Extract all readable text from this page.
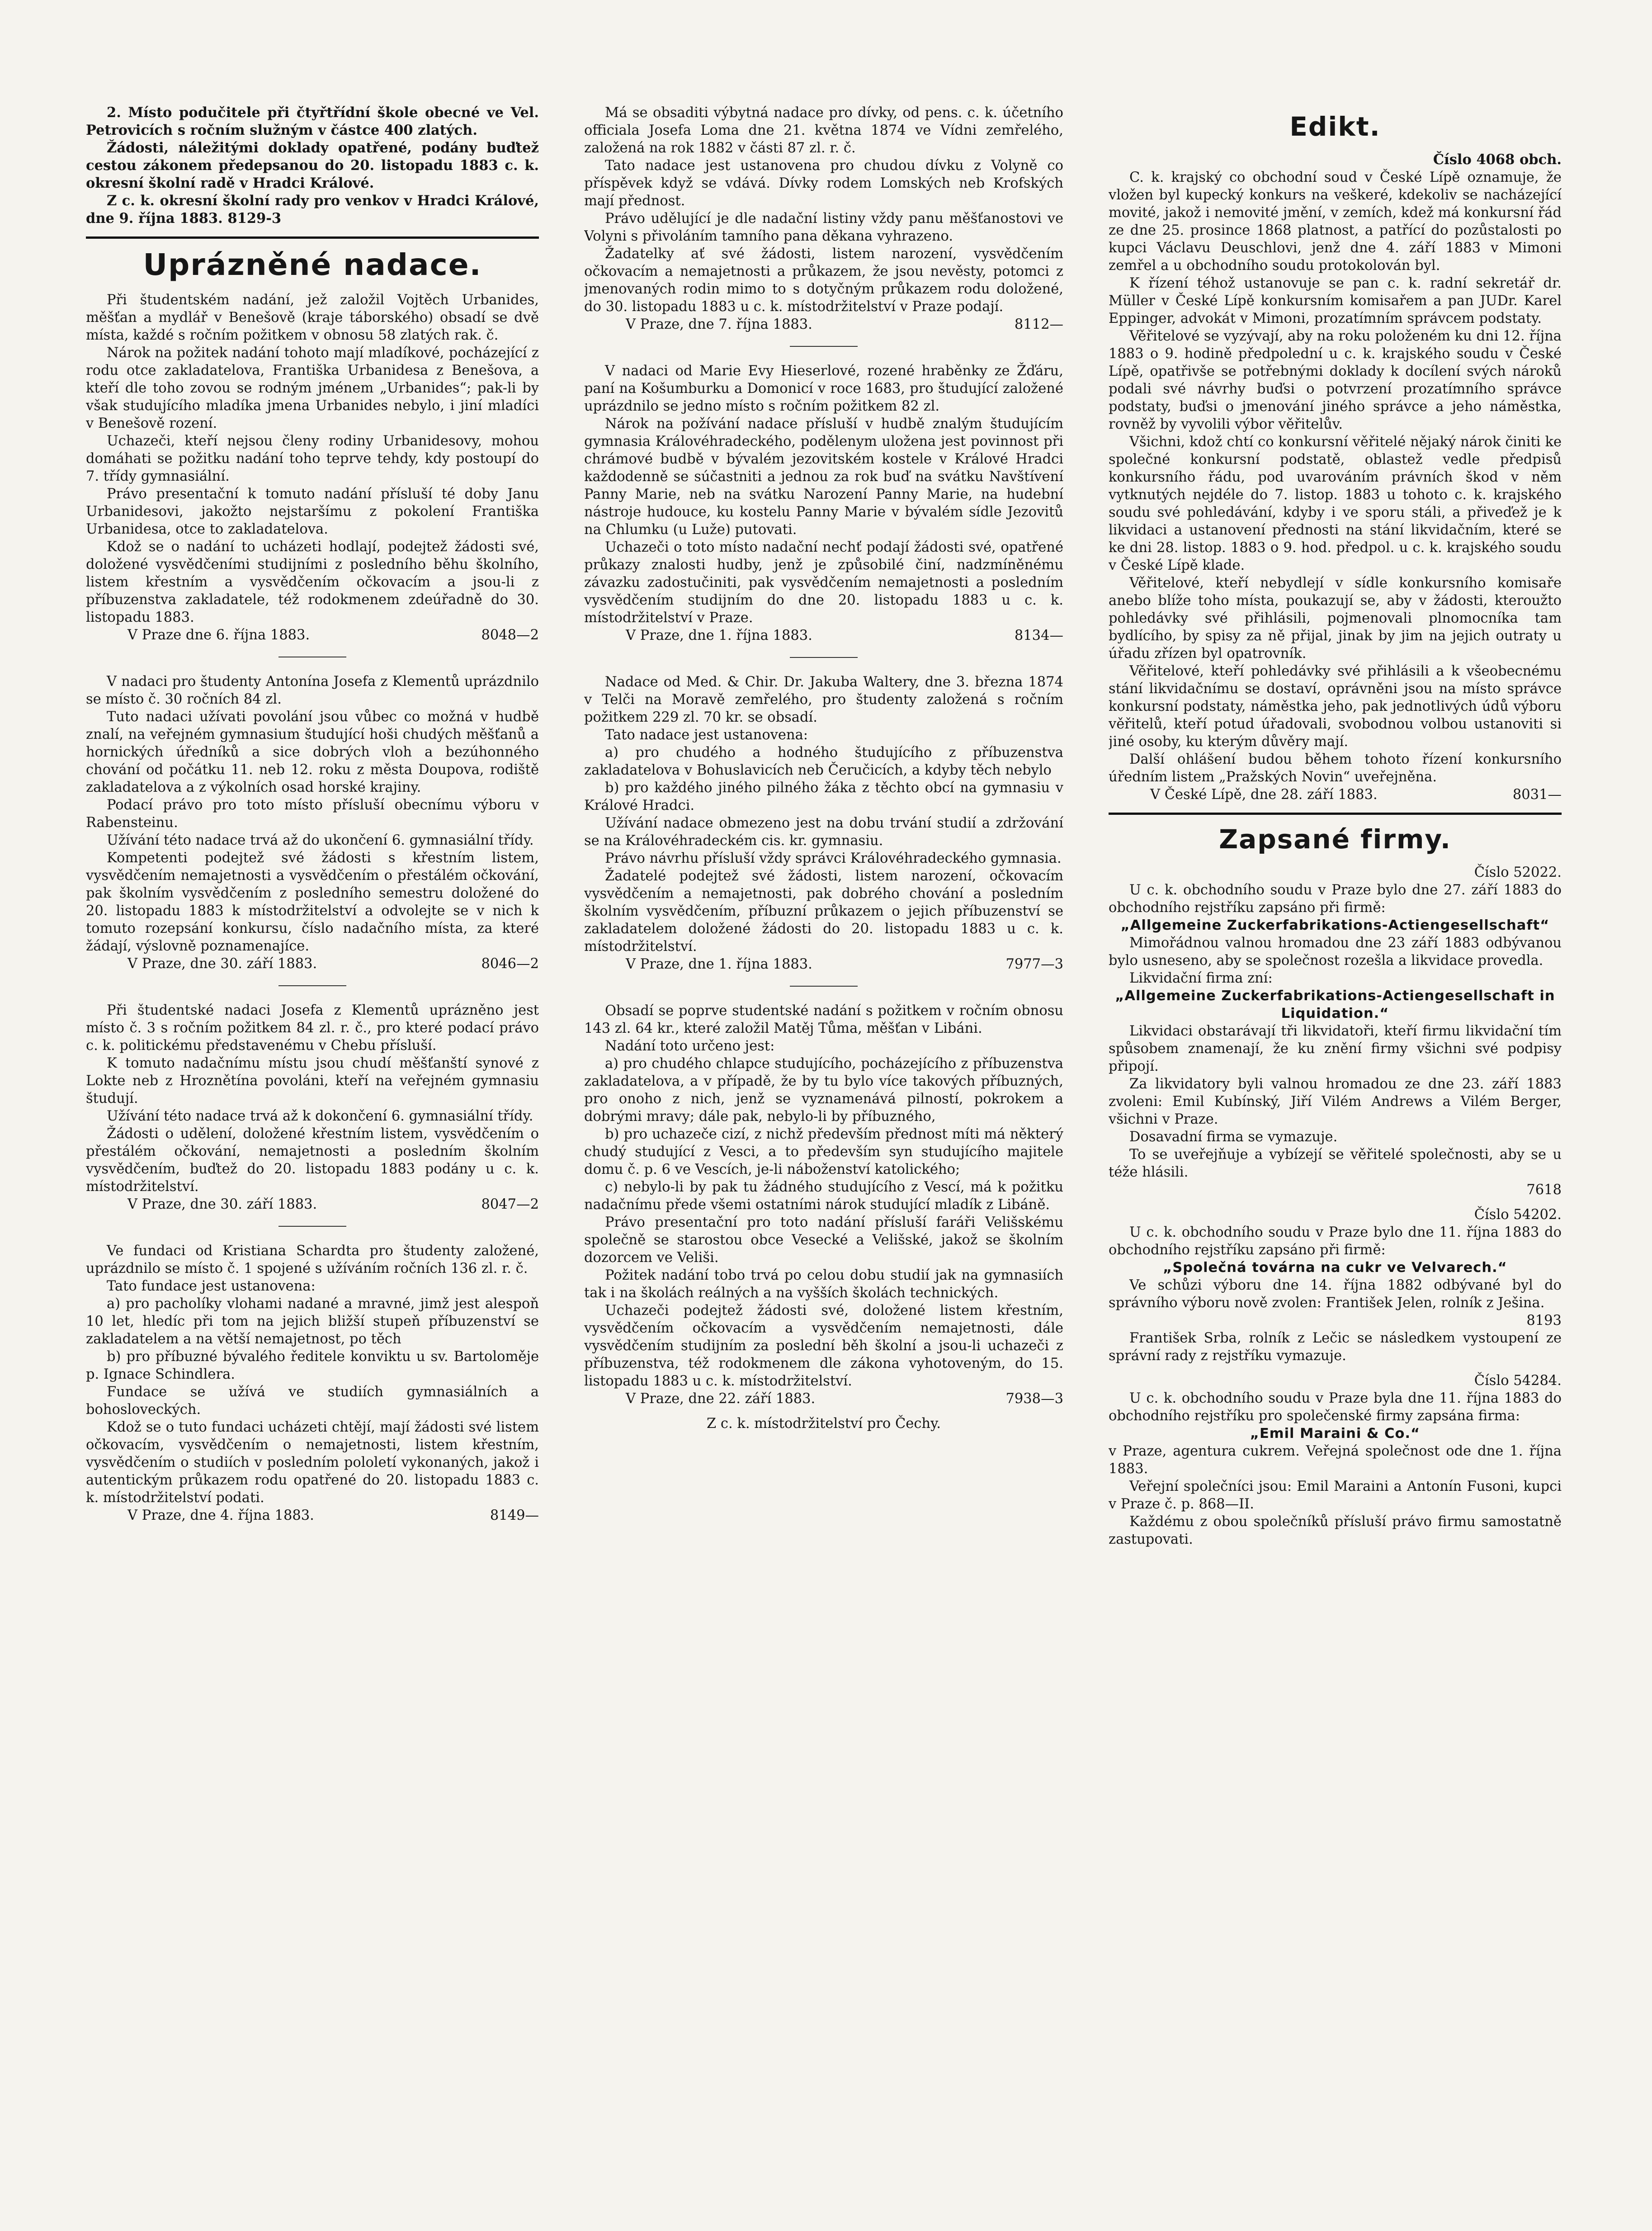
2. Místo podučitele při čtyřtřídní škole obecné ve Vel. Petrovicích s ročním služným v částce 400 zlatých.

Žádosti, náležitými doklady opatřené, podány buďtež cestou zákonem předepsanou do 20. listopadu 1883 c. k. okresní školní radě v Hradci Králové.

Z c. k. okresní školní rady pro venkov v Hradci Králové, dne 9. října 1883. 8129-3

Uprázněné nadace.

Při študentském nadání, jež založil Vojtěch Urbanides, měšťan a mydlář v Benešově (kraje táborského) obsadí se dvě místa, každé s ročním požitkem v obnosu 58 zlatých rak. č.

Nárok na požitek nadání tohoto mají mladíkové, pocházející z rodu otce zakladatelova, Františka Urbanidesa z Benešova, a kteří dle toho zovou se rodným jménem „Urbanides“; pak-li by však studujícího mladíka jmena Urbanides nebylo, i jiní mladíci v Benešově rození.

Uchazeči, kteří nejsou členy rodiny Urbanidesovy, mohou domáhati se požitku nadání toho teprve tehdy, kdy postoupí do 7. třídy gymnasiální.

Právo presentační k tomuto nadání přísluší té doby Janu Urbanidesovi, jakožto nejstaršímu z pokolení Františka Urbanidesa, otce to zakladatelova.

Kdož se o nadání to ucházeti hodlají, podejtež žádosti své, doložené vysvědčeními studijními z posledního běhu školního, listem křestním a vysvědčením očkovacím a jsou-li z příbuzenstva zakladatele, též rodokmenem zdeúřadně do 30. listopadu 1883.

V Praze dne 6. října 1883.	8048—2

V nadaci pro študenty Antonína Josefa z Klementů uprázdnilo se místo č. 30 ročních 84 zl.

Tuto nadaci užívati povolání jsou vůbec co možná v hudbě znalí, na veřejném gymnasium študující hoši chudých měšťanů a hornických úředníků a sice dobrých vloh a bezúhonného chování od počátku 11. neb 12. roku z města Doupova, rodiště zakladatelova a z výkolních osad horské krajiny.

Podací právo pro toto místo přísluší obecnímu výboru v Rabensteinu.

Užívání této nadace trvá až do ukončení 6. gymnasiální třídy.

Kompetenti podejtež své žádosti s křestním listem, vysvědčením nemajetnosti a vysvědčením o přestálém očkování, pak školním vysvědčením z posledního semestru doložené do 20. listopadu 1883 k místodržitelství a odvolejte se v nich k tomuto rozepsání konkursu, číslo nadačního místa, za které žádají, výslovně poznamenajíce.

V Praze, dne 30. září 1883.	8046—2

Při študentské nadaci Josefa z Klementů uprázněno jest místo č. 3 s ročním požitkem 84 zl. r. č., pro které podací právo c. k. politickému představenému v Chebu přísluší.

K tomuto nadačnímu místu jsou chudí měšťanští synové z Lokte neb z Hroznětína povoláni, kteří na veřejném gymnasiu študují.

Užívání této nadace trvá až k dokončení 6. gymnasiální třídy.

Žádosti o udělení, doložené křestním listem, vysvědčením o přestálém očkování, nemajetnosti a posledním školním vysvědčením, buďtež do 20. listopadu 1883 podány u c. k. místodržitelství.

V Praze, dne 30. září 1883.	8047—2

Ve fundaci od Kristiana Schardta pro študenty založené, uprázdnilo se místo č. 1 spojené s užíváním ročních 136 zl. r. č.

Tato fundace jest ustanovena:

a) pro pacholíky vlohami nadané a mravné, jimž jest alespoň 10 let, hledíc při tom na jejich bližší stupeň příbuzenství se zakladatelem a na větší nemajetnost, po těch

b) pro příbuzné bývalého ředitele konviktu u sv. Bartoloměje p. Ignace Schindlera.

Fundace se užívá ve studiích gymnasiálních a bohosloveckých.

Kdož se o tuto fundaci ucházeti chtějí, mají žádosti své listem očkovacím, vysvědčením o nemajetnosti, listem křestním, vysvědčením o studiích v posledním pololetí vykonaných, jakož i autentickým průkazem rodu opatřené do 20. listopadu 1883 c. k. místodržitelství podati.

V Praze, dne 4. října 1883.	8149—

Má se obsaditi výbytná nadace pro dívky, od pens. c. k. účetního officiala Josefa Loma dne 21. května 1874 ve Vídni zemřelého, založená na rok 1882 v části 87 zl. r. č.

Tato nadace jest ustanovena pro chudou dívku z Volyně co příspěvek když se vdává. Dívky rodem Lomských neb Krofských mají přednost.

Právo udělující je dle nadační listiny vždy panu měšťanostovi ve Volyni s přivoláním tamního pana děkana vyhrazeno.

Žadatelky ať své žádosti, listem narození, vysvědčením očkovacím a nemajetnosti a průkazem, že jsou nevěsty, potomci z jmenovaných rodin mimo to s dotyčným průkazem rodu doložené, do 30. listopadu 1883 u c. k. místodržitelství v Praze podají.

V Praze, dne 7. října 1883.	8112—

V nadaci od Marie Evy Hieserlové, rozené hraběnky ze Žďáru, paní na Košumburku a Domonicí v roce 1683, pro študující založené uprázdnilo se jedno místo s ročním požitkem 82 zl.

Nárok na požívání nadace přísluší v hudbě znalým študujícím gymnasia Královéhradeckého, podělenym uložena jest povinnost při chrámové budbě v bývalém jezovitském kostele v Králové Hradci každodenně se súčastniti a jednou za rok buď na svátku Navštívení Panny Marie, neb na svátku Narození Panny Marie, na hudební nástroje hudouce, ku kostelu Panny Marie v bývalém sídle Jezovitů na Chlumku (u Luže) putovati.

Uchazeči o toto místo nadační nechť podají žádosti své, opatřené průkazy znalosti hudby, jenž je způsobilé činí, nadzmíněnému závazku zadostučiniti, pak vysvědčením nemajetnosti a posledním vysvědčením studijním do dne 20. listopadu 1883 u c. k. místodržitelství v Praze.

V Praze, dne 1. října 1883.	8134—

Nadace od Med. & Chir. Dr. Jakuba Waltery, dne 3. března 1874 v Telči na Moravě zemřelého, pro študenty založená s ročním požitkem 229 zl. 70 kr. se obsadí.

Tato nadace jest ustanovena:

a) pro chudého a hodného študujícího z příbuzenstva zakladatelova v Bohuslavicích neb Čeručicích, a kdyby těch nebylo

b) pro každého jiného pilného žáka z těchto obcí na gymnasiu v Králové Hradci.

Užívání nadace obmezeno jest na dobu trvání studií a zdržování se na Královéhradeckém cis. kr. gymnasiu.

Právo návrhu přísluší vždy správci Královéhradeckého gymnasia.

Žadatelé podejtež své žádosti, listem narození, očkovacím vysvědčením a nemajetnosti, pak dobrého chování a posledním školním vysvědčením, příbuzní průkazem o jejich příbuzenství se zakladatelem doložené žádosti do 20. listopadu 1883 u c. k. místodržitelství.

V Praze, dne 1. října 1883.	7977—3

Obsadí se poprve studentské nadání s požitkem v ročním obnosu 143 zl. 64 kr., které založil Matěj Tůma, měšťan v Libáni.

Nadání toto určeno jest:

a) pro chudého chlapce studujícího, pocházejícího z příbuzenstva zakladatelova, a v případě, že by tu bylo více takových příbuzných, pro onoho z nich, jenž se vyznamenává pilností, pokrokem a dobrými mravy; dále pak, nebylo-li by příbuzného,

b) pro uchazeče cizí, z nichž především přednost míti má některý chudý studující z Vesci, a to především syn studujícího majitele domu č. p. 6 ve Vescích, je-li náboženství katolického;

c) nebylo-li by pak tu žádného studujícího z Vescí, má k požitku nadačnímu přede všemi ostatními nárok studující mladík z Libáně.

Právo presentační pro toto nadání přísluší faráři Velišskému společně se starostou obce Vesecké a Velišské, jakož se školním dozorcem ve Veliši.

Požitek nadání tobo trvá po celou dobu studií jak na gymnasiích tak i na školách reálných a na vyšších školách technických.

Uchazeči podejtež žádosti své, doložené listem křestním, vysvědčením očkovacím a vysvědčením nemajetnosti, dále vysvědčením studijním za poslední běh školní a jsou-li uchazeči z příbuzenstva, též rodokmenem dle zákona vyhotoveným, do 15. listopadu 1883 u c. k. místodržitelství.

V Praze, dne 22. září 1883.	7938—3

Z c. k. místodržitelství pro Čechy.

Edikt.

Číslo 4068 obch.

C. k. krajský co obchodní soud v České Lípě oznamuje, že vložen byl kupecký konkurs na veškeré, kdekoliv se nacházející movité, jakož i nemovité jmění, v zemích, kdež má konkursní řád ze dne 25. prosince 1868 platnost, a patřící do pozůstalosti po kupci Václavu Deuschlovi, jenž dne 4. září 1883 v Mimoni zemřel a u obchodního soudu protokolován byl.

K řízení téhož ustanovuje se pan c. k. radní sekretář dr. Müller v České Lípě konkursním komisařem a pan JUDr. Karel Eppinger, advokát v Mimoni, prozatímním správcem podstaty.

Věřitelové se vyzývají, aby na roku položeném ku dni 12. října 1883 o 9. hodině předpolední u c. k. krajského soudu v České Lípě, opatřivše se potřebnými doklady k docílení svých nároků podali své návrhy buďsi o potvrzení prozatímního správce podstaty, buďsi o jmenování jiného správce a jeho náměstka, rovněž by vyvolili výbor věřitelův.

Všichni, kdož chtí co konkursní věřitelé nějaký nárok činiti ke společné konkursní podstatě, oblastež vedle předpisů konkursního řádu, pod uvarováním právních škod v něm vytknutých nejdéle do 7. listop. 1883 u tohoto c. k. krajského soudu své pohledávání, kdyby i ve sporu stáli, a přiveďež je k likvidaci a ustanovení přednosti na stání likvidačním, které se ke dni 28. listop. 1883 o 9. hod. předpol. u c. k. krajského soudu v České Lípě klade.

Věřitelové, kteří nebydlejí v sídle konkursního komisaře anebo blíže toho místa, poukazují se, aby v žádosti, kteroužto pohledávky své přihlásili, pojmenovali plnomocníka tam bydlícího, by spisy za ně přijal, jinak by jim na jejich outraty u úřadu zřízen byl opatrovník.

Věřitelové, kteří pohledávky své přihlásili a k všeobecnému stání likvidačnímu se dostaví, oprávněni jsou na místo správce konkursní podstaty, náměstka jeho, pak jednotlivých údů výboru věřitelů, kteří potud úřadovali, svobodnou volbou ustanoviti si jiné osoby, ku kterým důvěry mají.

Další ohlášení budou během tohoto řízení konkursního úředním listem „Pražských Novin“ uveřejněna.

V České Lípě, dne 28. září 1883.	8031—
Zapsané firmy.

Číslo 52022.

U c. k. obchodního soudu v Praze bylo dne 27. září 1883 do obchodního rejstříku zapsáno při firmě:

„Allgemeine Zuckerfabrikations-Actiengesellschaft“

Mimořádnou valnou hromadou dne 23 září 1883 odbývanou bylo usneseno, aby se společnost rozešla a likvidace provedla.

Likvidační firma zní:

„Allgemeine Zuckerfabrikations-Actiengesellschaft in Liquidation.“

Likvidaci obstarávají tři likvidatoři, kteří firmu likvidační tím spůsobem znamenají, že ku znění firmy všichni své podpisy připojí.

Za likvidatory byli valnou hromadou ze dne 23. září 1883 zvoleni: Emil Kubínský, Jiří Vilém Andrews a Vilém Berger, všichni v Praze.

Dosavadní firma se vymazuje.

To se uveřejňuje a vybízejí se věřitelé společnosti, aby se u téže hlásili.

7618

Číslo 54202.

U c. k. obchodního soudu v Praze bylo dne 11. října 1883 do obchodního rejstříku zapsáno při firmě:

„Společná továrna na cukr ve Velvarech.“

Ve schůzi výboru dne 14. října 1882 odbývané byl do správního výboru nově zvolen: František Jelen, rolník z Ješina.

8193

František Srba, rolník z Lečic se následkem vystoupení ze správní rady z rejstříku vymazuje.

Číslo 54284.

U c. k. obchodního soudu v Praze byla dne 11. října 1883 do obchodního rejstříku pro společenské firmy zapsána firma:

„Emil Maraini & Co.“

v Praze, agentura cukrem. Veřejná společnost ode dne 1. října 1883.

Veřejní společníci jsou: Emil Maraini a Antonín Fusoni, kupci v Praze č. p. 868—II.

Každému z obou společníků přísluší právo firmu samostatně zastupovati.
